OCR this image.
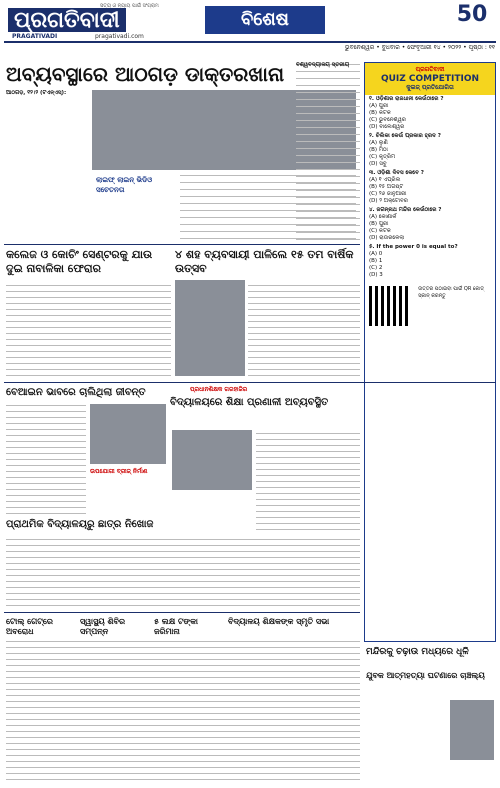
ପ୍ରଗତିବାଦୀ
PRAGATIVADI	pragativadi.com
ସତ୍ୟ ଓ ନ୍ୟାୟ ପାଇଁ ସଂଗ୍ରାମ
ବିଶେଷ	50
ଭୁବନେଶ୍ୱର • ବୁଧବାର • ଫେବୃଆରୀ ୧୪ • ୨୦୨୨ • ପୃଷ୍ଠା : ୧୧
ଅବ୍ୟବସ୍ଥାରେ ଆଠଗଡ଼ ଡାକ୍ତରଖାନା

ଆଠଗଡ଼, ୧୨।୨ (ଟିଏନ୍ଏସ୍):

ଲାଇଫ୍ ଲାଇନ୍ ଭିଡିଓ ସଚେତନତା

ବିଶ୍ୱବିଦ୍ୟାଳୟ ସ୍ତରୀୟ

ପ୍ରଗତିବାଦୀ
QUIZ COMPETITION
କୁଇଜ୍ ପ୍ରତିଯୋଗିତା
୧. ଓଡ଼ିଶାର ରାଜଧାନୀ କେଉଁଠାରେ ?
(A) ପୁରୀ
(B) କଟକ
(C) ଭୁବନେଶ୍ୱର
(D) ବାଲେଶ୍ୱର
୨. ଚିଲିକା କେଉଁ ପ୍ରକାର ହ୍ରଦ ?
(A) ଲୁଣି
(B) ମିଠା
(C) କୃତ୍ରିମ
(D) ସବୁ
୩. ଓଡ଼ିଶା ଦିବସ କେବେ ?
(A) ୧ ଏପ୍ରିଲ
(B) ୧୫ ଅଗଷ୍ଟ
(C) ୨୬ ଜାନୁଆରୀ
(D) ୨ ଅକ୍ଟୋବର
୪. ଜଗନ୍ନାଥ ମନ୍ଦିର କେଉଁଠାରେ ?
(A) କୋଣାର୍କ
(B) ପୁରୀ
(C) କଟକ
(D) ରାଉରକେଲା
୫. If the power 0 is equal to?
(A) 0
(B) 1
(C) 2
(D) 3
ଉତ୍ତର ପଠାଇବା ପାଇଁ QR କୋଡ୍ ସ୍କାନ୍ କରନ୍ତୁ
କଲେଜ ଓ କୋଚିଂ ସେଣ୍ଟରକୁ ଯାଉ ଦୁଇ ନାବାଳିକା ଫେରାର
୪ ଶହ ବ୍ୟବସାୟୀ ପାଳିଲେ ୧୫ ତମ ବାର୍ଷିକ ଉତ୍ସବ
ବେଆଇନ ଭାବରେ ଚାଲିଥିଲା ଜୀବନ୍ତ
ଉପଯୋଗୀ ବ୍ରୀଜ୍ ନିର୍ମାଣ
ପ୍ରଧାନଶିକ୍ଷକ ଗରହାଜିର
ବିଦ୍ୟାଳୟରେ ଶିକ୍ଷା ପ୍ରଣାଳୀ ଅବ୍ୟବସ୍ଥିତ
ପ୍ରାଥମିକ ବିଦ୍ୟାଳୟରୁ ଛାତ୍ର ନିଖୋଜ
ମନ୍ଦିରକୁ ଚଢ଼ାଉ ମଧ୍ୟରେ ଧୂଳି
ଟୋଲ୍ ଗେଟ୍‌ରେ ଅବରୋଧ
ସ୍ୱାସ୍ଥ୍ୟ ଶିବିର ସମ୍ପନ୍ନ
୫ ଲକ୍ଷ ଟଙ୍କା ଜରିମାନା
ବିଦ୍ୟାଳୟ ଶିକ୍ଷକଙ୍କ ସ୍ମୃତି ସଭା
ଯୁବକ ଆତ୍ମହତ୍ୟା ଘଟଣାରେ ଚାଞ୍ଚଲ୍ୟ
